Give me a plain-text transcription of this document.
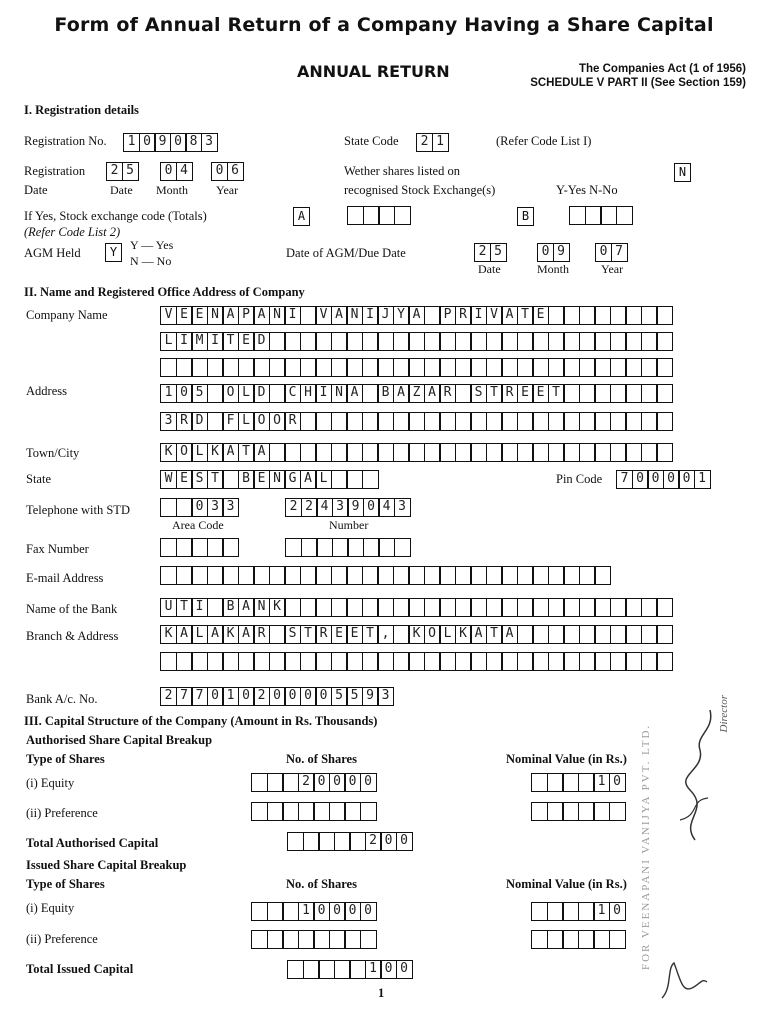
Form of Annual Return of a Company Having a Share Capital
ANNUAL RETURN	The Companies Act (1 of 1956)
SCHEDULE V PART II (See Section 159)
I. Registration details
Registration No.	1 0 9 0 8 3	State Code	2 1	(Refer Code List I)
Registration
Date
2 5	0 4	0 6
Date Month Year
Wether shares listed on
recognised Stock Exchange(s)	Y-Yes N-No
N
If Yes, Stock exchange code (Totals)
(Refer Code List 2)
A	B
AGM Held	Y	Y — Yes
N — No
Date of AGM/Due Date	2 5	0 9	0 7
Date	Month	Year
II. Name and Registered Office Address of Company
Company Name	V E E N A P A N I	V A N I J Y A	P R I V A T E
L I M I T E D
Address	1 0 5	O L D	C H I N A	B A Z A R	S T R E E T
3 R D	F L O O R
Town/City	K O L K A T A
State	W E S T	B E N G A L	Pin Code	7 0 0 0 0 1
Telephone with STD	0 3 3	2 2 4 3 9 0 4 3
Area Code	Number
Fax Number
E-mail Address
Name of the Bank	U T I	B A N K
Branch & Address	K A L A K A R	S T R E E T ,	K O L K A T A
Bank A/c. No.	2 7 7 0 1 0 2 0 0 0 0 5 5 9 3
III. Capital Structure of the Company (Amount in Rs. Thousands)
Authorised Share Capital Breakup
Type of Shares	No. of Shares	Nominal Value (in Rs.)
(i) Equity	2 0 0 0 0	1 0
(ii) Preference
Total Authorised Capital	2 0 0
Issued Share Capital Breakup
Type of Shares	No. of Shares	Nominal Value (in Rs.)
(i) Equity	1 0 0 0 0	1 0
(ii) Preference
Total Issued Capital	1 0 0
1
FOR VEENAPANI VANIJYA PVT. LTD.
Director
